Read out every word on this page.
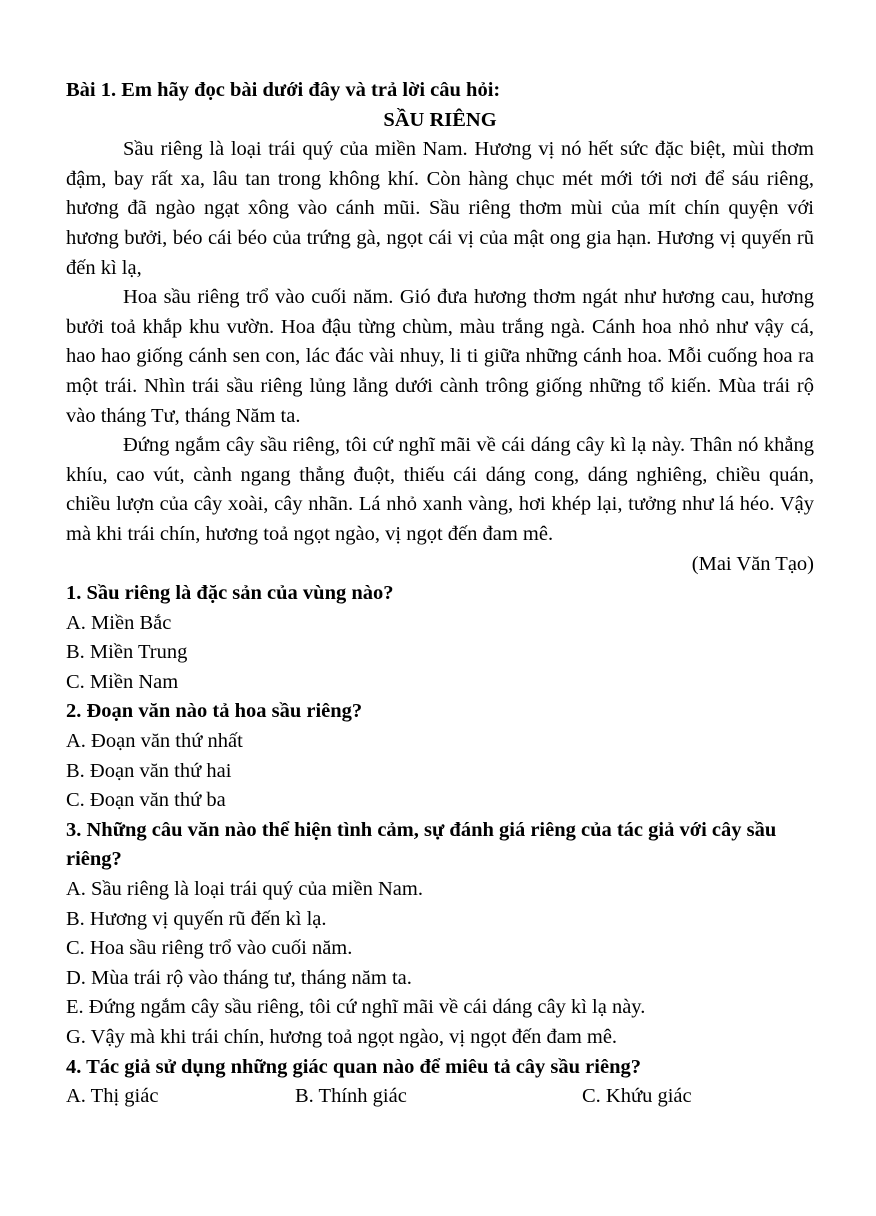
Bài 1. Em hãy đọc bài dưới đây và trả lời câu hỏi:
SẦU RIÊNG

Sầu riêng là loại trái quý của miền Nam. Hương vị nó hết sức đặc biệt, mùi thơm đậm, bay rất xa, lâu tan trong không khí. Còn hàng chục mét mới tới nơi để sáu riêng, hương đã ngào ngạt xông vào cánh mũi. Sầu riêng thơm mùi của mít chín quyện với hương bưởi, béo cái béo của trứng gà, ngọt cái vị của mật ong gia hạn. Hương vị quyến rũ đến kì lạ,

Hoa sầu riêng trổ vào cuối năm. Gió đưa hương thơm ngát như hương cau, hương bưởi toả khắp khu vườn. Hoa đậu từng chùm, màu trắng ngà. Cánh hoa nhỏ như vậy cá, hao hao giống cánh sen con, lác đác vài nhuy, li ti giữa những cánh hoa. Mỗi cuống hoa ra một trái. Nhìn trái sầu riêng lủng lẳng dưới cành trông giống những tổ kiến. Mùa trái rộ vào tháng Tư, tháng Năm ta.

Đứng ngắm cây sầu riêng, tôi cứ nghĩ mãi về cái dáng cây kì lạ này. Thân nó khẳng khíu, cao vút, cành ngang thẳng đuột, thiếu cái dáng cong, dáng nghiêng, chiều quán, chiều lượn của cây xoài, cây nhãn. Lá nhỏ xanh vàng, hơi khép lại, tưởng như lá héo. Vậy mà khi trái chín, hương toả ngọt ngào, vị ngọt đến đam mê.

(Mai Văn Tạo)

1. Sầu riêng là đặc sản của vùng nào?

A. Miền Bắc

B. Miền Trung

C. Miền Nam

2. Đoạn văn nào tả hoa sầu riêng?

A. Đoạn văn thứ nhất

B. Đoạn văn thứ hai

C. Đoạn văn thứ ba

3. Những câu văn nào thể hiện tình cảm, sự đánh giá riêng của tác giả với cây sầu riêng?

A. Sầu riêng là loại trái quý của miền Nam.

B. Hương vị quyến rũ đến kì lạ.

C. Hoa sầu riêng trổ vào cuối năm.

D. Mùa trái rộ vào tháng tư, tháng năm ta.

E. Đứng ngắm cây sầu riêng, tôi cứ nghĩ mãi về cái dáng cây kì lạ này.

G. Vậy mà khi trái chín, hương toả ngọt ngào, vị ngọt đến đam mê.

4. Tác giả sử dụng những giác quan nào để miêu tả cây sầu riêng?

A. Thị giác	B. Thính giác	C. Khứu giác
